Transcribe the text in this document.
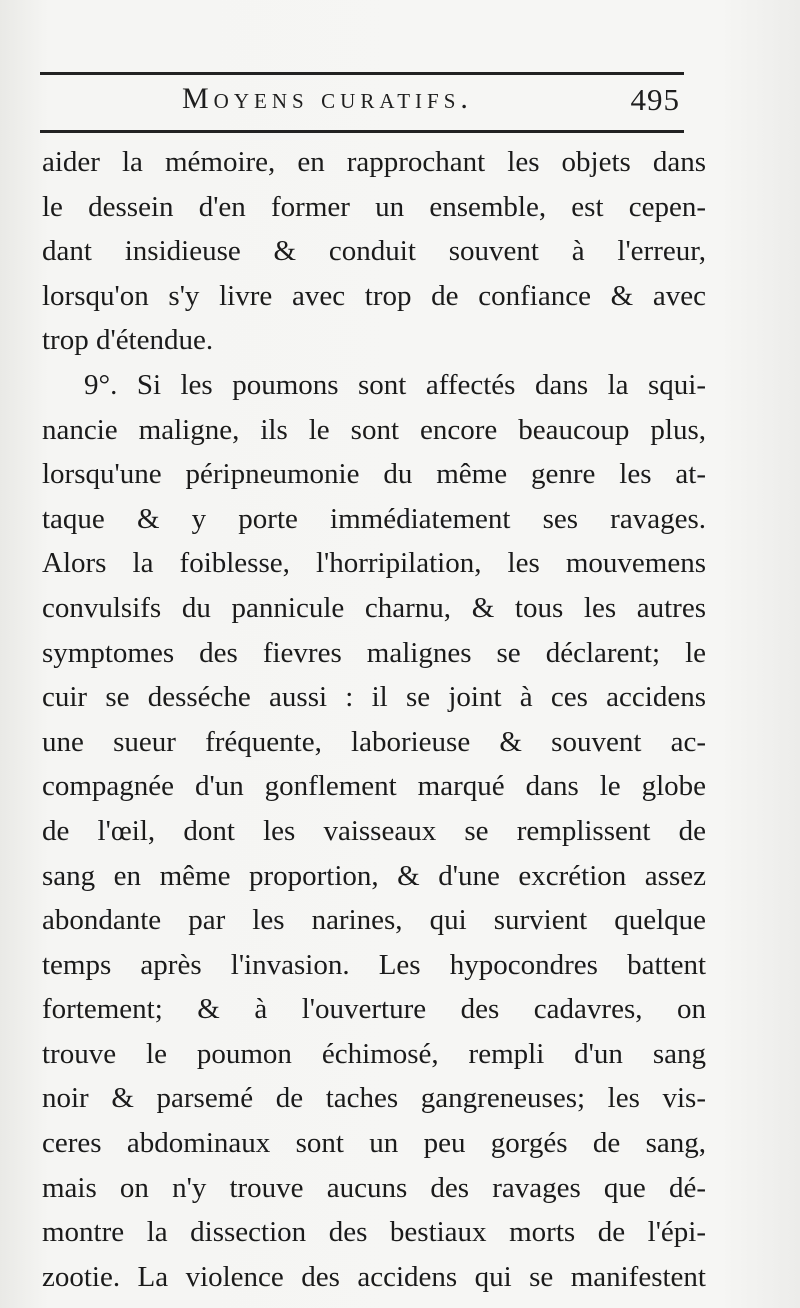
Moyens curatifs.	495
aider la mémoire, en rapprochant les objets dans
le dessein d'en former un ensemble, est cepen-
dant insidieuse & conduit souvent à l'erreur,
lorsqu'on s'y livre avec trop de confiance & avec
trop d'étendue.
9°. Si les poumons sont affectés dans la squi-
nancie maligne, ils le sont encore beaucoup plus,
lorsqu'une péripneumonie du même genre les at-
taque & y porte immédiatement ses ravages.
Alors la foiblesse, l'horripilation, les mouvemens
convulsifs du pannicule charnu, & tous les autres
symptomes des fievres malignes se déclarent; le
cuir se desséche aussi : il se joint à ces accidens
une sueur fréquente, laborieuse & souvent ac-
compagnée d'un gonflement marqué dans le globe
de l'œil, dont les vaisseaux se remplissent de
sang en même proportion, & d'une excrétion assez
abondante par les narines, qui survient quelque
temps après l'invasion. Les hypocondres battent
fortement; & à l'ouverture des cadavres, on
trouve le poumon échimosé, rempli d'un sang
noir & parsemé de taches gangreneuses; les vis-
ceres abdominaux sont un peu gorgés de sang,
mais on n'y trouve aucuns des ravages que dé-
montre la dissection des bestiaux morts de l'épi-
zootie. La violence des accidens qui se manifestent
